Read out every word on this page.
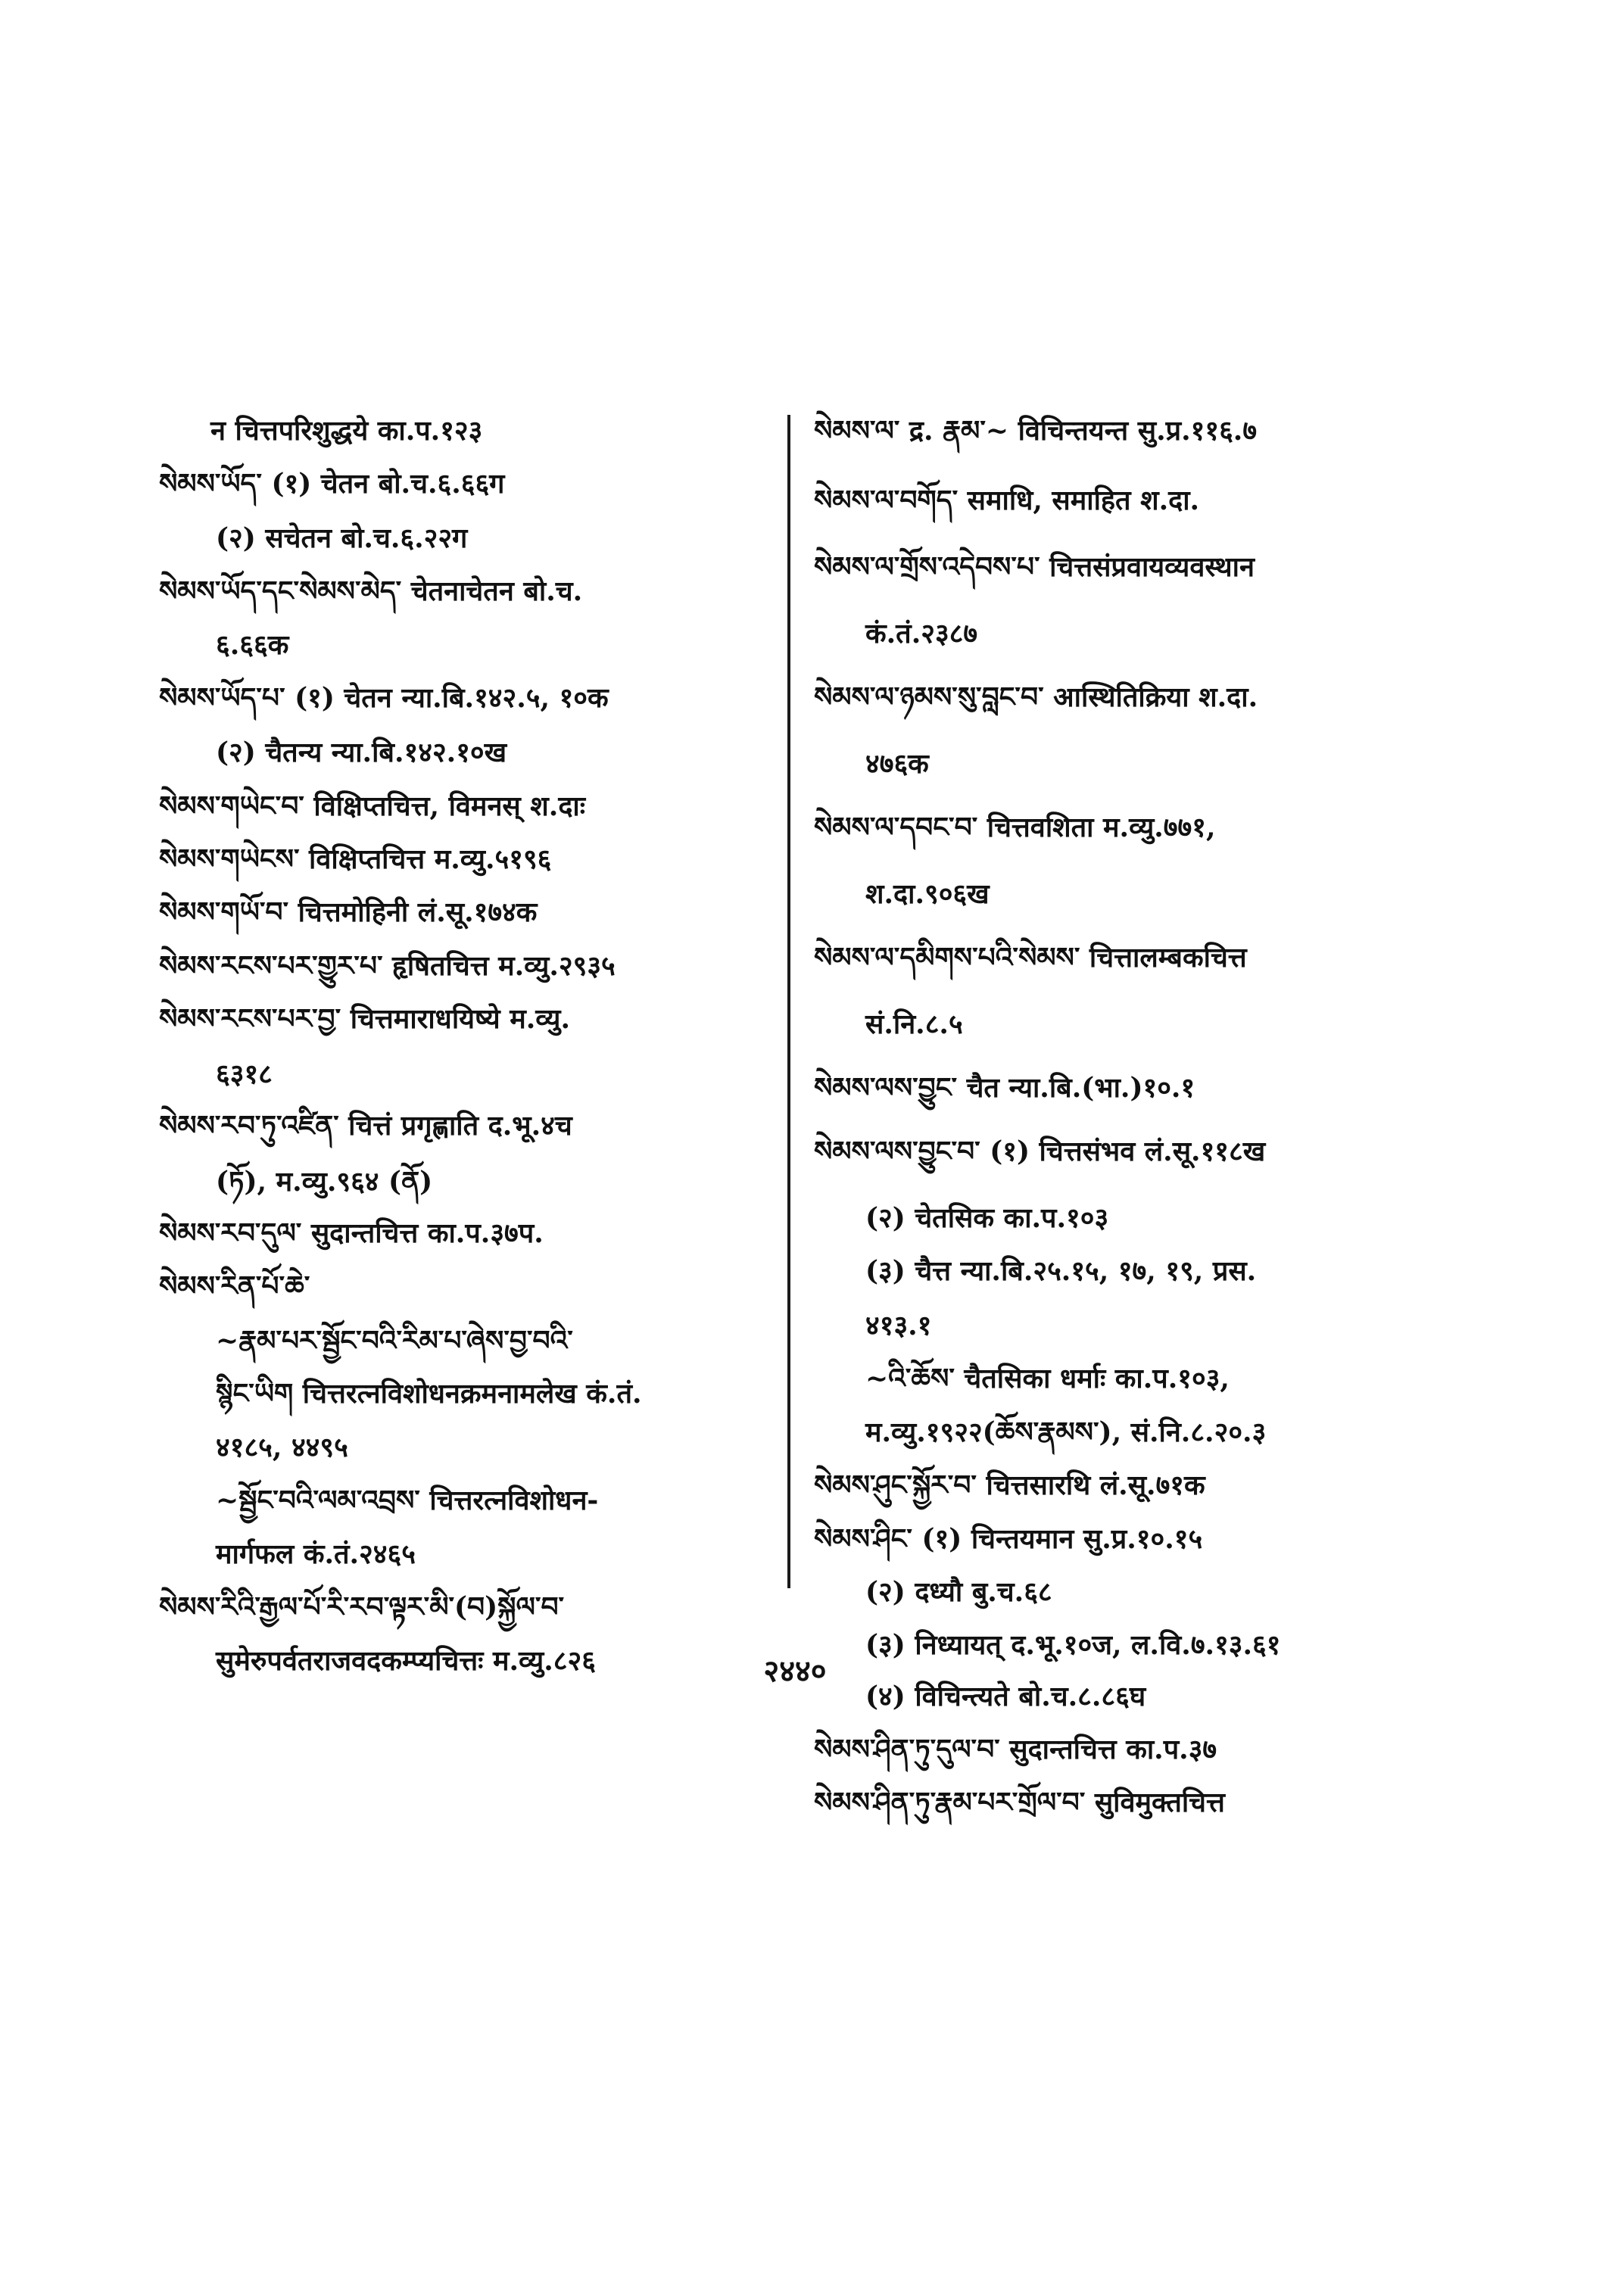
न चित्तपरिशुद्धये का.प.१२३
སེམས་ཡོད་ (१) चेतन बो.च.६.६६ग
(२) सचेतन बो.च.६.२२ग
སེམས་ཡོད་དང་སེམས་མེད་ चेतनाचेतन बो.च.
६.६६क
སེམས་ཡོད་པ་ (१) चेतन न्या.बि.१४२.५, १०क
(२) चैतन्य न्या.बि.१४२.१०ख
སེམས་གཡེང་བ་ विक्षिप्तचित्त, विमनस् श.दाः
སེམས་གཡེངས་ विक्षिप्तचित्त म.व्यु.५१९६
སེམས་གཡོ་བ་ चित्तमोहिनी लं.सू.१७४क
སེམས་རངས་པར་གྱུར་པ་ हृषितचित्त म.व्यु.२९३५
སེམས་རངས་པར་བྱ་ चित्तमाराधयिष्ये म.व्यु.
६३१८
སེམས་རབ་ཏུ་འཛིན་ चित्तं प्रगृह्णाति द.भू.४च
(ཏོ), म.व्यु.९६४ (ནོ)
སེམས་རབ་དུལ་ सुदान्तचित्त का.प.३७प.
སེམས་རིན་པོ་ཆེ་
~རྣམ་པར་སྦྱོང་བའི་རིམ་པ་ཞེས་བྱ་བའི་
སྙིང་ཡིག चित्तरत्नविशोधनक्रमनामलेख कं.तं.
४१८५, ४४९५
~སྦྱོང་བའི་ལམ་འབྲས་ चित्तरत्नविशोधन-
मार्गफल कं.तं.२४६५
སེམས་རིའི་རྒྱལ་པོ་རི་རབ་ལྟར་མི་(བ)སྐྱོལ་བ་
सुमेरुपर्वतराजवदकम्प्यचित्तः म.व्यु.८२६
སེམས་ལ་ द्र. རྣམ་~ विचिन्तयन्त सु.प्र.११६.७
སེམས་ལ་བགོད་ समाधि, समाहित श.दा.
སེམས་ལ་གྲོས་འདེབས་པ་ चित्तसंप्रवायव्यवस्थान
कं.तं.२३८७
སེམས་ལ་ཉམས་སུ་བླང་བ་ आस्थितिक्रिया श.दा.
४७६क
སེམས་ལ་དབང་བ་ चित्तवशिता म.व्यु.७७१,
श.दा.९०६ख
སེམས་ལ་དམིགས་པའི་སེམས་ चित्तालम्बकचित्त
सं.नि.८.५
སེམས་ལས་བྱུང་ चैत न्या.बि.(भा.)१०.१
སེམས་ལས་བྱུང་བ་ (१) चित्तसंभव लं.सू.११८ख
(२) चेतसिक का.प.१०३
(३) चैत्त न्या.बि.२५.१५, १७, १९, प्रस.
४१३.१
~འི་ཆོས་ चैतसिका धर्माः का.प.१०३,
म.व्यु.१९२२(ཆོས་རྣམས་), सं.नि.८.२०.३
སེམས་ཤུང་སྐྱོར་བ་ चित्तसारथि लं.सू.७१क
སེམས་ཤིང་ (१) चिन्तयमान सु.प्र.१०.१५
(२) दध्यौ बु.च.६८
(३) निध्यायत् द.भू.१०ज, ल.वि.७.१३.६१
(४) विचिन्त्यते बो.च.८.८६घ
སེམས་ཤིན་ཏུ་དུལ་བ་ सुदान्तचित्त का.प.३७
སེམས་ཤིན་ཏུ་རྣམ་པར་གྲོལ་བ་ सुविमुक्तचित्त
२४४०
